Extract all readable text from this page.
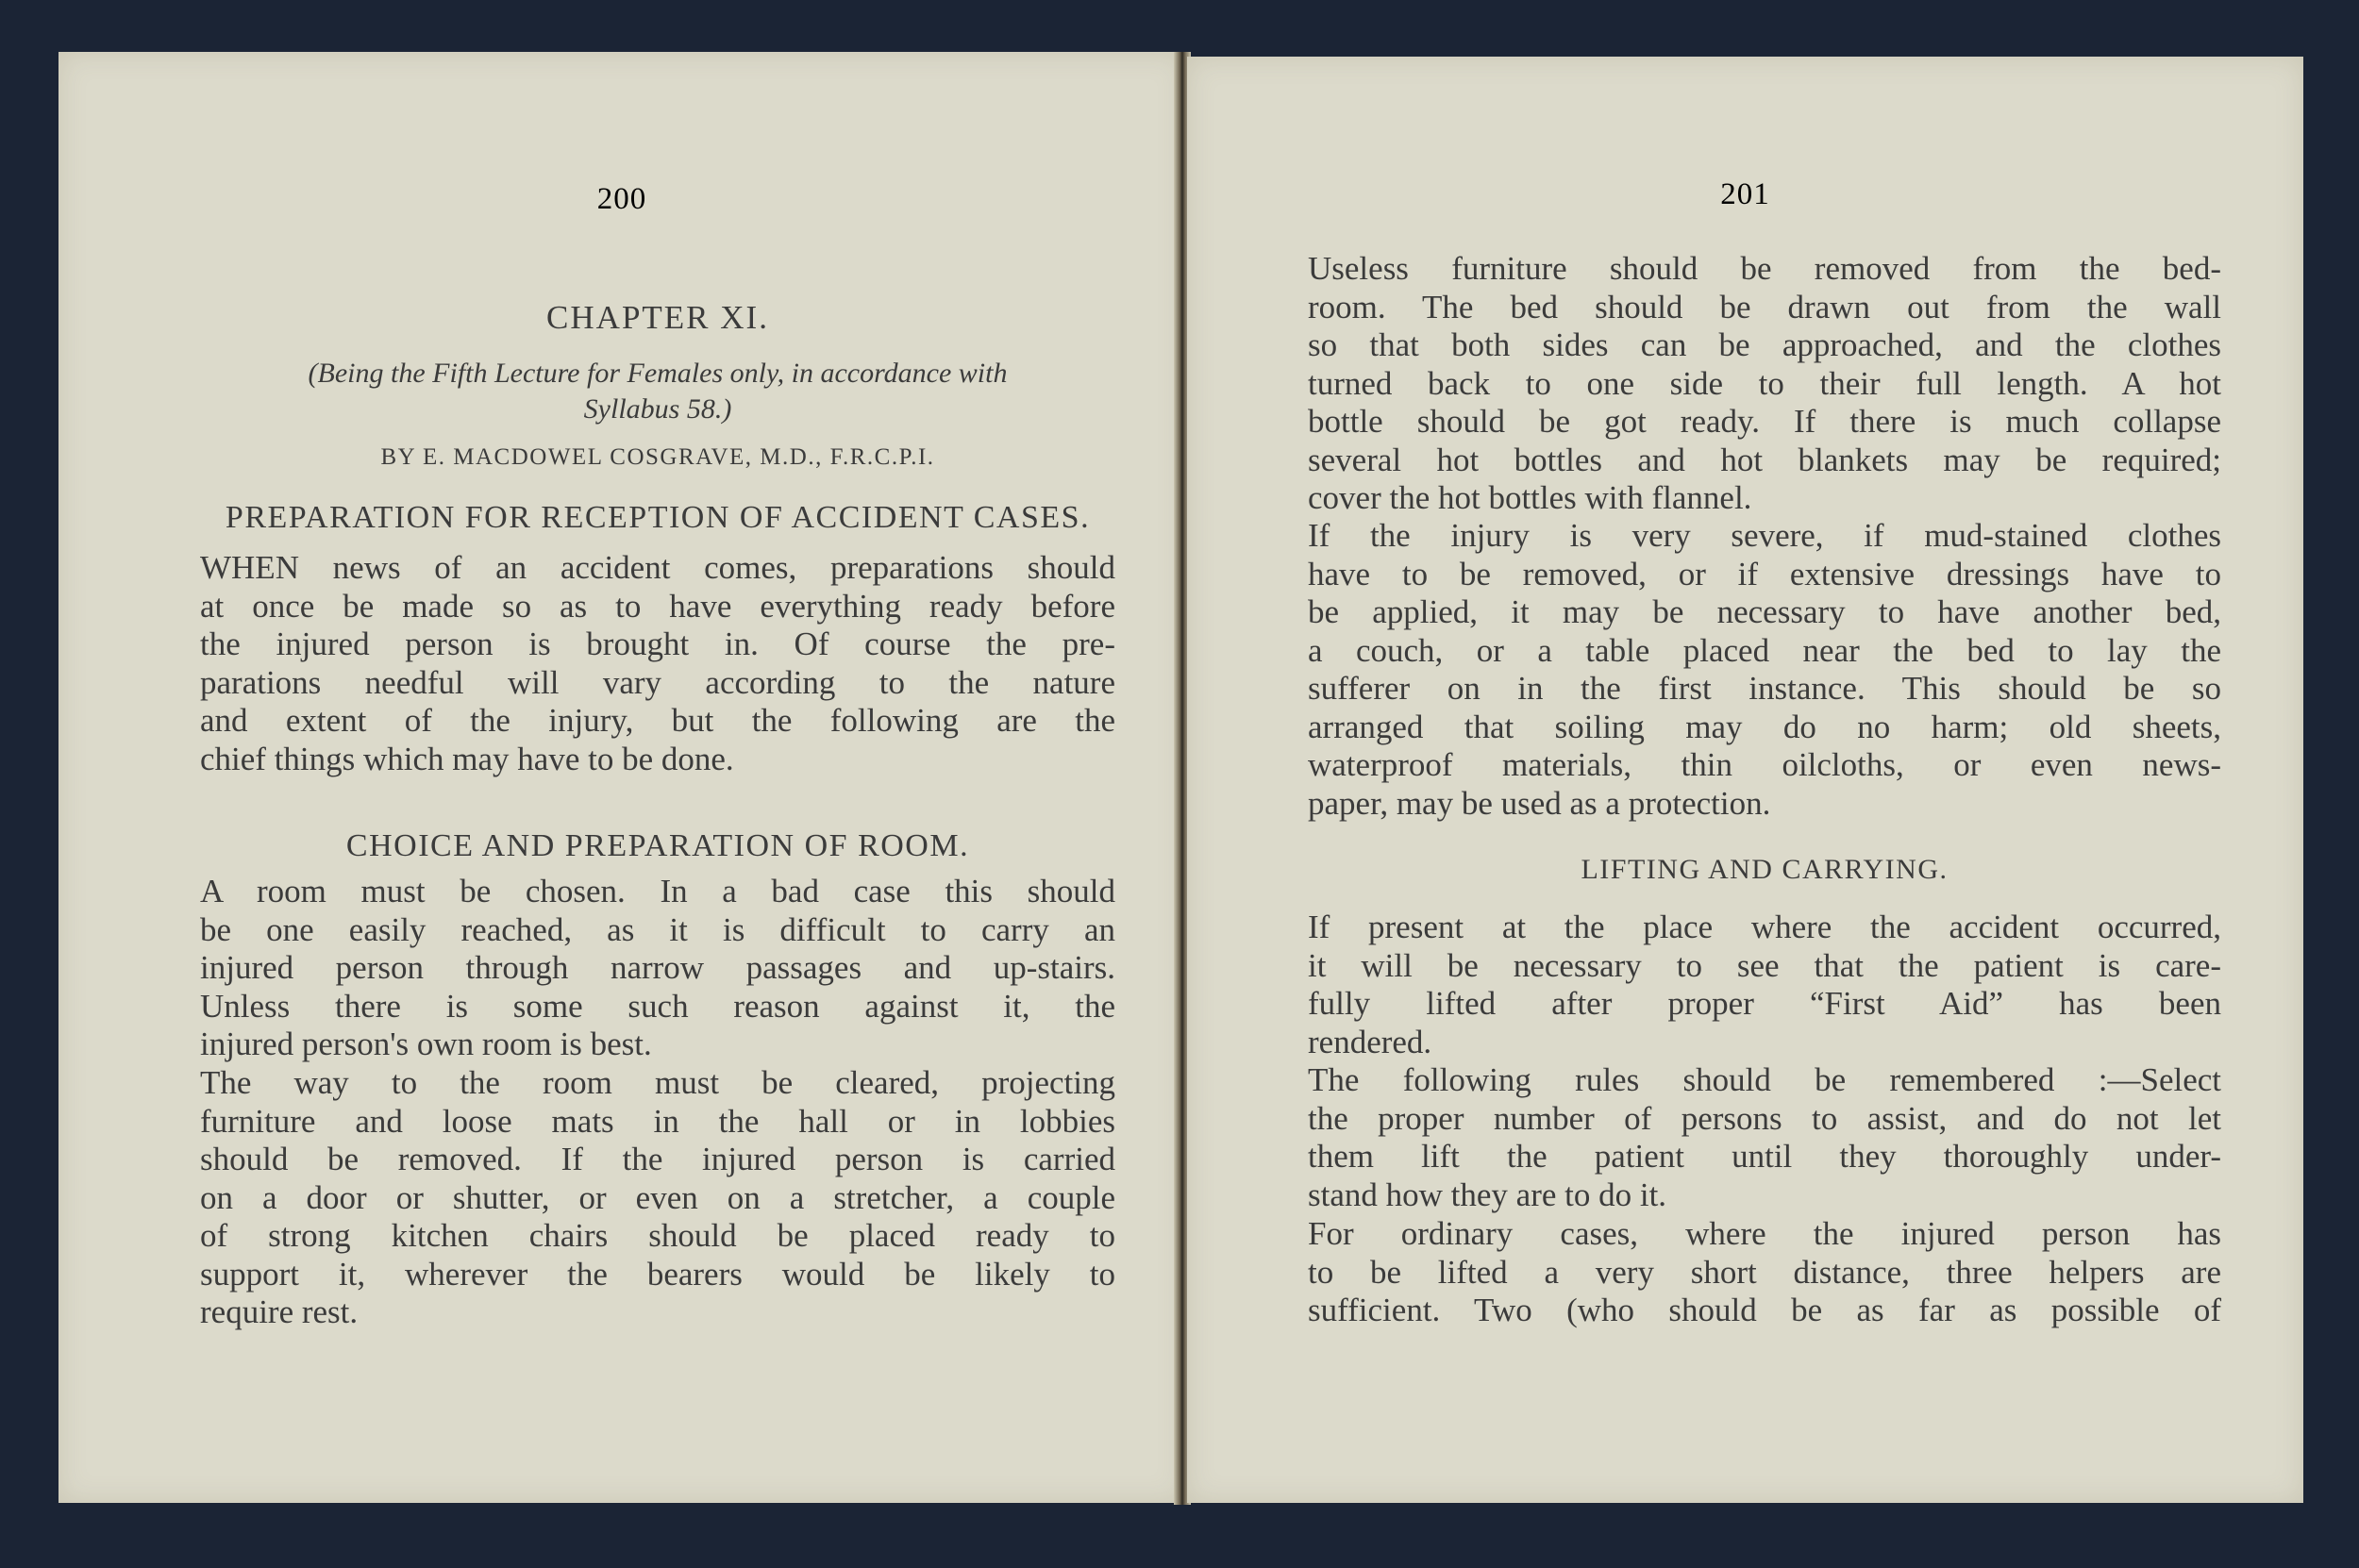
200
CHAPTER XI.
(Being the Fifth Lecture for Females only, in accordance with
Syllabus 58.)
BY E. MACDOWEL COSGRAVE, M.D., F.R.C.P.I.
PREPARATION FOR RECEPTION OF ACCIDENT CASES.
WHEN news of an accident comes, preparations should
at once be made so as to have everything ready before
the injured person is brought in. Of course the pre-
parations needful will vary according to the nature
and extent of the injury, but the following are the
chief things which may have to be done.
CHOICE AND PREPARATION OF ROOM.
A room must be chosen. In a bad case this should
be one easily reached, as it is difficult to carry an
injured person through narrow passages and up-stairs.
Unless there is some such reason against it, the
injured person's own room is best.
The way to the room must be cleared, projecting
furniture and loose mats in the hall or in lobbies
should be removed. If the injured person is carried
on a door or shutter, or even on a stretcher, a couple
of strong kitchen chairs should be placed ready to
support it, wherever the bearers would be likely to
require rest.
201
Useless furniture should be removed from the bed-
room. The bed should be drawn out from the wall
so that both sides can be approached, and the clothes
turned back to one side to their full length. A hot
bottle should be got ready. If there is much collapse
several hot bottles and hot blankets may be required;
cover the hot bottles with flannel.
If the injury is very severe, if mud-stained clothes
have to be removed, or if extensive dressings have to
be applied, it may be necessary to have another bed,
a couch, or a table placed near the bed to lay the
sufferer on in the first instance. This should be so
arranged that soiling may do no harm; old sheets,
waterproof materials, thin oilcloths, or even news-
paper, may be used as a protection.
LIFTING AND CARRYING.
If present at the place where the accident occurred,
it will be necessary to see that the patient is care-
fully lifted after proper “First Aid” has been
rendered.
The following rules should be remembered :—Select
the proper number of persons to assist, and do not let
them lift the patient until they thoroughly under-
stand how they are to do it.
For ordinary cases, where the injured person has
to be lifted a very short distance, three helpers are
sufficient. Two (who should be as far as possible of
